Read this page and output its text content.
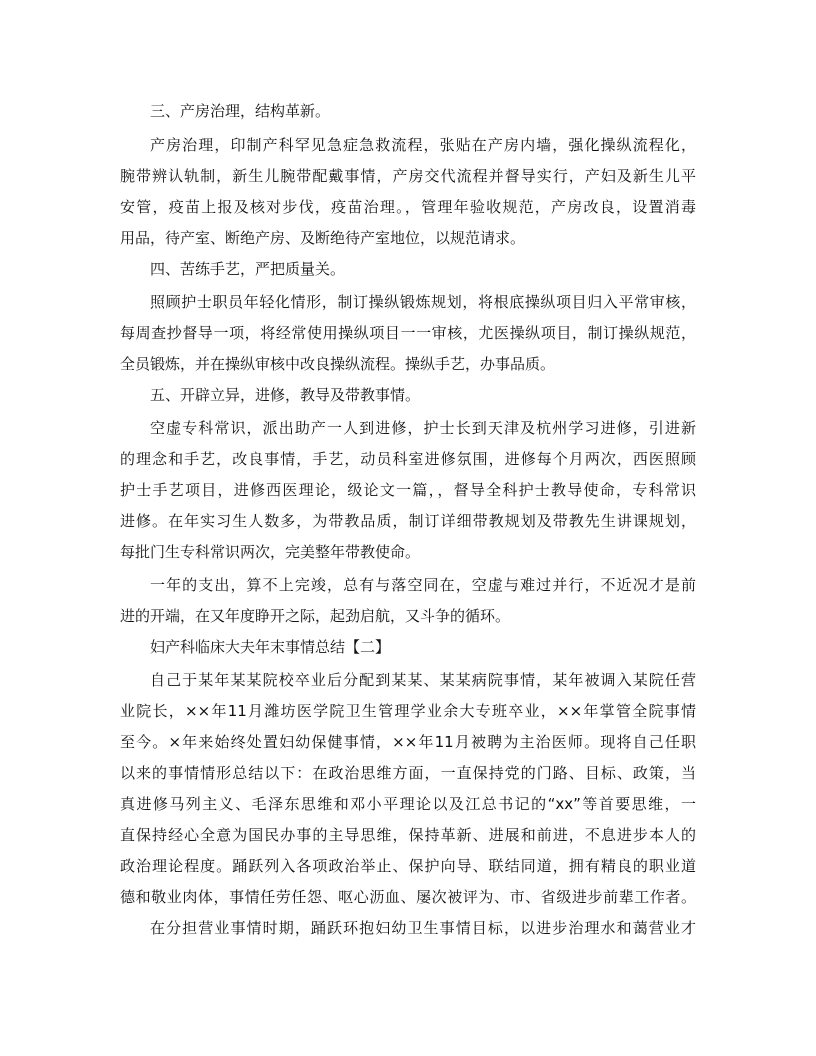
三、产房治理，结构革新。
产房治理，印制产科罕见急症急救流程，张贴在产房内墙，强化操纵流程化，
腕带辨认轨制，新生儿腕带配戴事情，产房交代流程并督导实行，产妇及新生儿平
安管，疫苗上报及核对步伐，疫苗治理。，管理年验收规范，产房改良，设置消毒
用品，待产室、断绝产房、及断绝待产室地位，以规范请求。
四、苦练手艺，严把质量关。
照顾护士职员年轻化情形，制订操纵锻炼规划，将根底操纵项目归入平常审核，
每周查抄督导一项，将经常使用操纵项目一一审核，尤医操纵项目，制订操纵规范，
全员锻炼，并在操纵审核中改良操纵流程。操纵手艺，办事品质。
五、开辟立异，进修，教导及带教事情。
空虚专科常识，派出助产一人到进修，护士长到天津及杭州学习进修，引进新
的理念和手艺，改良事情，手艺，动员科室进修氛围，进修每个月两次，西医照顾
护士手艺项目，进修西医理论，级论文一篇，，督导全科护士教导使命，专科常识
进修。在年实习生人数多，为带教品质，制订详细带教规划及带教先生讲课规划，
每批门生专科常识两次，完美整年带教使命。
一年的支出，算不上完竣，总有与落空同在，空虚与难过并行，不近况才是前
进的开端，在又年度睁开之际，起劲启航，又斗争的循环。
妇产科临床大夫年末事情总结【二】
自己于某年某某院校卒业后分配到某某、某某病院事情，某年被调入某院任营
业院长，××年11月潍坊医学院卫生管理学业余大专班卒业，××年掌管全院事情
至今。×年来始终处置妇幼保健事情，××年11月被聘为主治医师。现将自己任职
以来的事情情形总结以下：在政治思维方面，一直保持党的门路、目标、政策，当
真进修马列主义、毛泽东思维和邓小平理论以及江总书记的“xx”等首要思维，一
直保持经心全意为国民办事的主导思维，保持革新、进展和前进，不息进步本人的
政治理论程度。踊跃列入各项政治举止、保护向导、联结同道，拥有精良的职业道
德和敬业肉体，事情任劳任怨、呕心沥血、屡次被评为、市、省级进步前辈工作者。
在分担营业事情时期，踊跃环抱妇幼卫生事情目标，以进步治理水和蔼营业才
